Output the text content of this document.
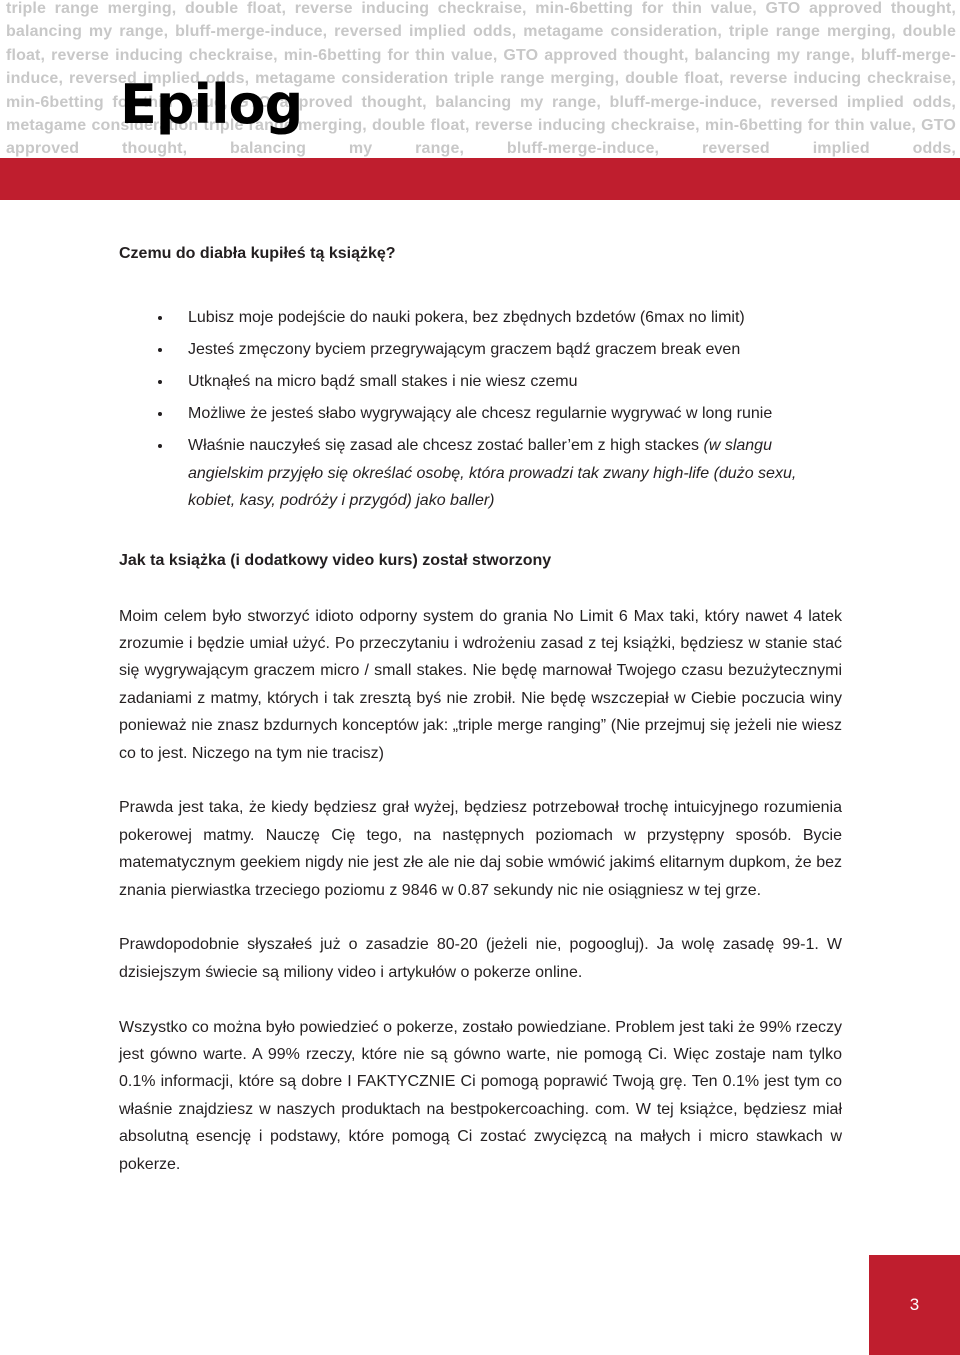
triple range merging, double float, reverse inducing checkraise, min-6betting for thin value, GTO approved thought, balancing my range, bluff-merge-induce, reversed implied odds, metagame consideration, triple range merging, double float, reverse inducing checkraise, min-6betting for thin value, GTO approved thought, balancing my range, bluff-merge-induce, reversed implied odds, metagame consideration triple range merging, double float, reverse inducing checkraise, min-6betting for thin value, GTO approved thought, balancing my range, bluff-merge-induce, reversed implied odds, metagame consideration triple range merging, double float, reverse inducing checkraise, min-6betting for thin value, GTO approved thought, balancing my range, bluff-merge-induce, reversed implied odds,
Epilog
Czemu do diabła kupiłeś tą książkę?
Lubisz moje podejście do nauki pokera, bez zbędnych bzdetów (6max no limit)
Jesteś zmęczony byciem przegrywającym graczem bądź graczem break even
Utknąłeś na micro bądź small stakes i nie wiesz czemu
Możliwe że jesteś słabo wygrywający ale chcesz regularnie wygrywać w long runie
Właśnie nauczyłeś się zasad ale chcesz zostać baller’em z high stackes (w slangu angielskim przyjęło się określać osobę, która prowadzi tak zwany high-life (dużo sexu, kobiet, kasy, podróży i przygód) jako baller)
Jak ta książka (i dodatkowy video kurs) został stworzony

Moim celem było stworzyć idioto odporny system do grania No Limit 6 Max taki, który nawet 4 latek zrozumie i będzie umiał użyć. Po przeczytaniu i wdrożeniu zasad z tej książki, będziesz w stanie stać się wygrywającym graczem micro / small stakes. Nie będę marnował Twojego czasu bezużytecznymi zadaniami z matmy, których i tak zresztą byś nie zrobił. Nie będę wszczepiał w Ciebie poczucia winy ponieważ nie znasz bzdurnych konceptów jak: „triple merge ranging” (Nie przejmuj się jeżeli nie wiesz co to jest. Niczego na tym nie tracisz)

Prawda jest taka, że kiedy będziesz grał wyżej, będziesz potrzebował trochę intuicyjnego rozumienia pokerowej matmy. Nauczę Cię tego, na następnych poziomach w przystępny sposób. Bycie matematycznym geekiem nigdy nie jest złe ale nie daj sobie wmówić jakimś elitarnym dupkom, że bez znania pierwiastka trzeciego poziomu z 9846 w 0.87 sekundy nic nie osiągniesz w tej grze.

Prawdopodobnie słyszałeś już o zasadzie 80-20 (jeżeli nie, pogoogluj). Ja wolę zasadę 99-1. W dzisiejszym świecie są miliony video i artykułów o pokerze online.

Wszystko co można było powiedzieć o pokerze, zostało powiedziane. Problem jest taki że 99% rzeczy jest gówno warte. A 99% rzeczy, które nie są gówno warte, nie pomogą Ci. Więc zostaje nam tylko 0.1% informacji, które są dobre I FAKTYCZNIE Ci pomogą poprawić Twoją grę. Ten 0.1% jest tym co właśnie znajdziesz w naszych produktach na bestpokercoaching. com. W tej książce, będziesz miał absolutną esencję i podstawy, które pomogą Ci zostać zwycięzcą na małych i micro stawkach w pokerze.

3
